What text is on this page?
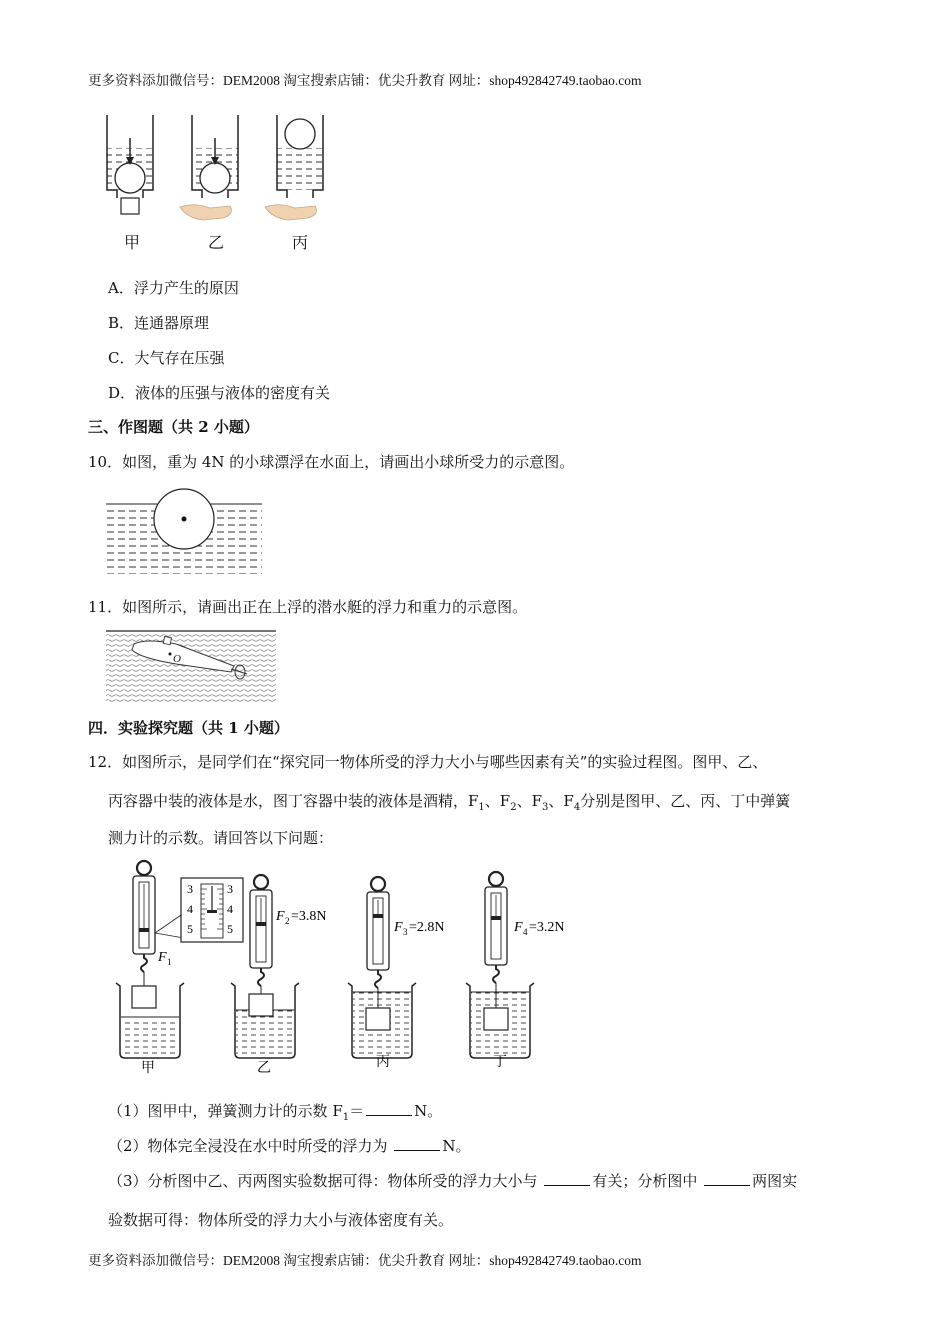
更多资料添加微信号：DEM2008 淘宝搜索店铺：优尖升教育 网址：shop492842749.taobao.com
甲	乙	丙
A．浮力产生的原因
B．连通器原理
C．大气存在压强
D．液体的压强与液体的密度有关
三、作图题（共 2 小题）
10．如图，重为 4N 的小球漂浮在水面上，请画出小球所受力的示意图。
11．如图所示，请画出正在上浮的潜水艇的浮力和重力的示意图。
O
四．实验探究题（共 1 小题）
12．如图所示，是同学们在“探究同一物体所受的浮力大小与哪些因素有关”的实验过程图。图甲、乙、
丙容器中装的液体是水，图丁容器中装的液体是酒精，$F_1$、$F_2$、$F_3$、$F_4$分别是图甲、乙、丙、丁中弹簧
测力计的示数。请回答以下问题：
3
4
5
3
4
5
F 1
F 2 =3.8N
F 3 =2.8N	F 4 =3.2N
甲	乙	丙	丁
（1）图甲中，弹簧测力计的示数 $F_1=$	N。
（2）物体完全浸没在水中时所受的浮力为	N。
（3）分析图中乙、丙两图实验数据可得：物体所受的浮力大小与	有关；分析图中	两图实
验数据可得：物体所受的浮力大小与液体密度有关。
更多资料添加微信号：DEM2008 淘宝搜索店铺：优尖升教育 网址：shop492842749.taobao.com
